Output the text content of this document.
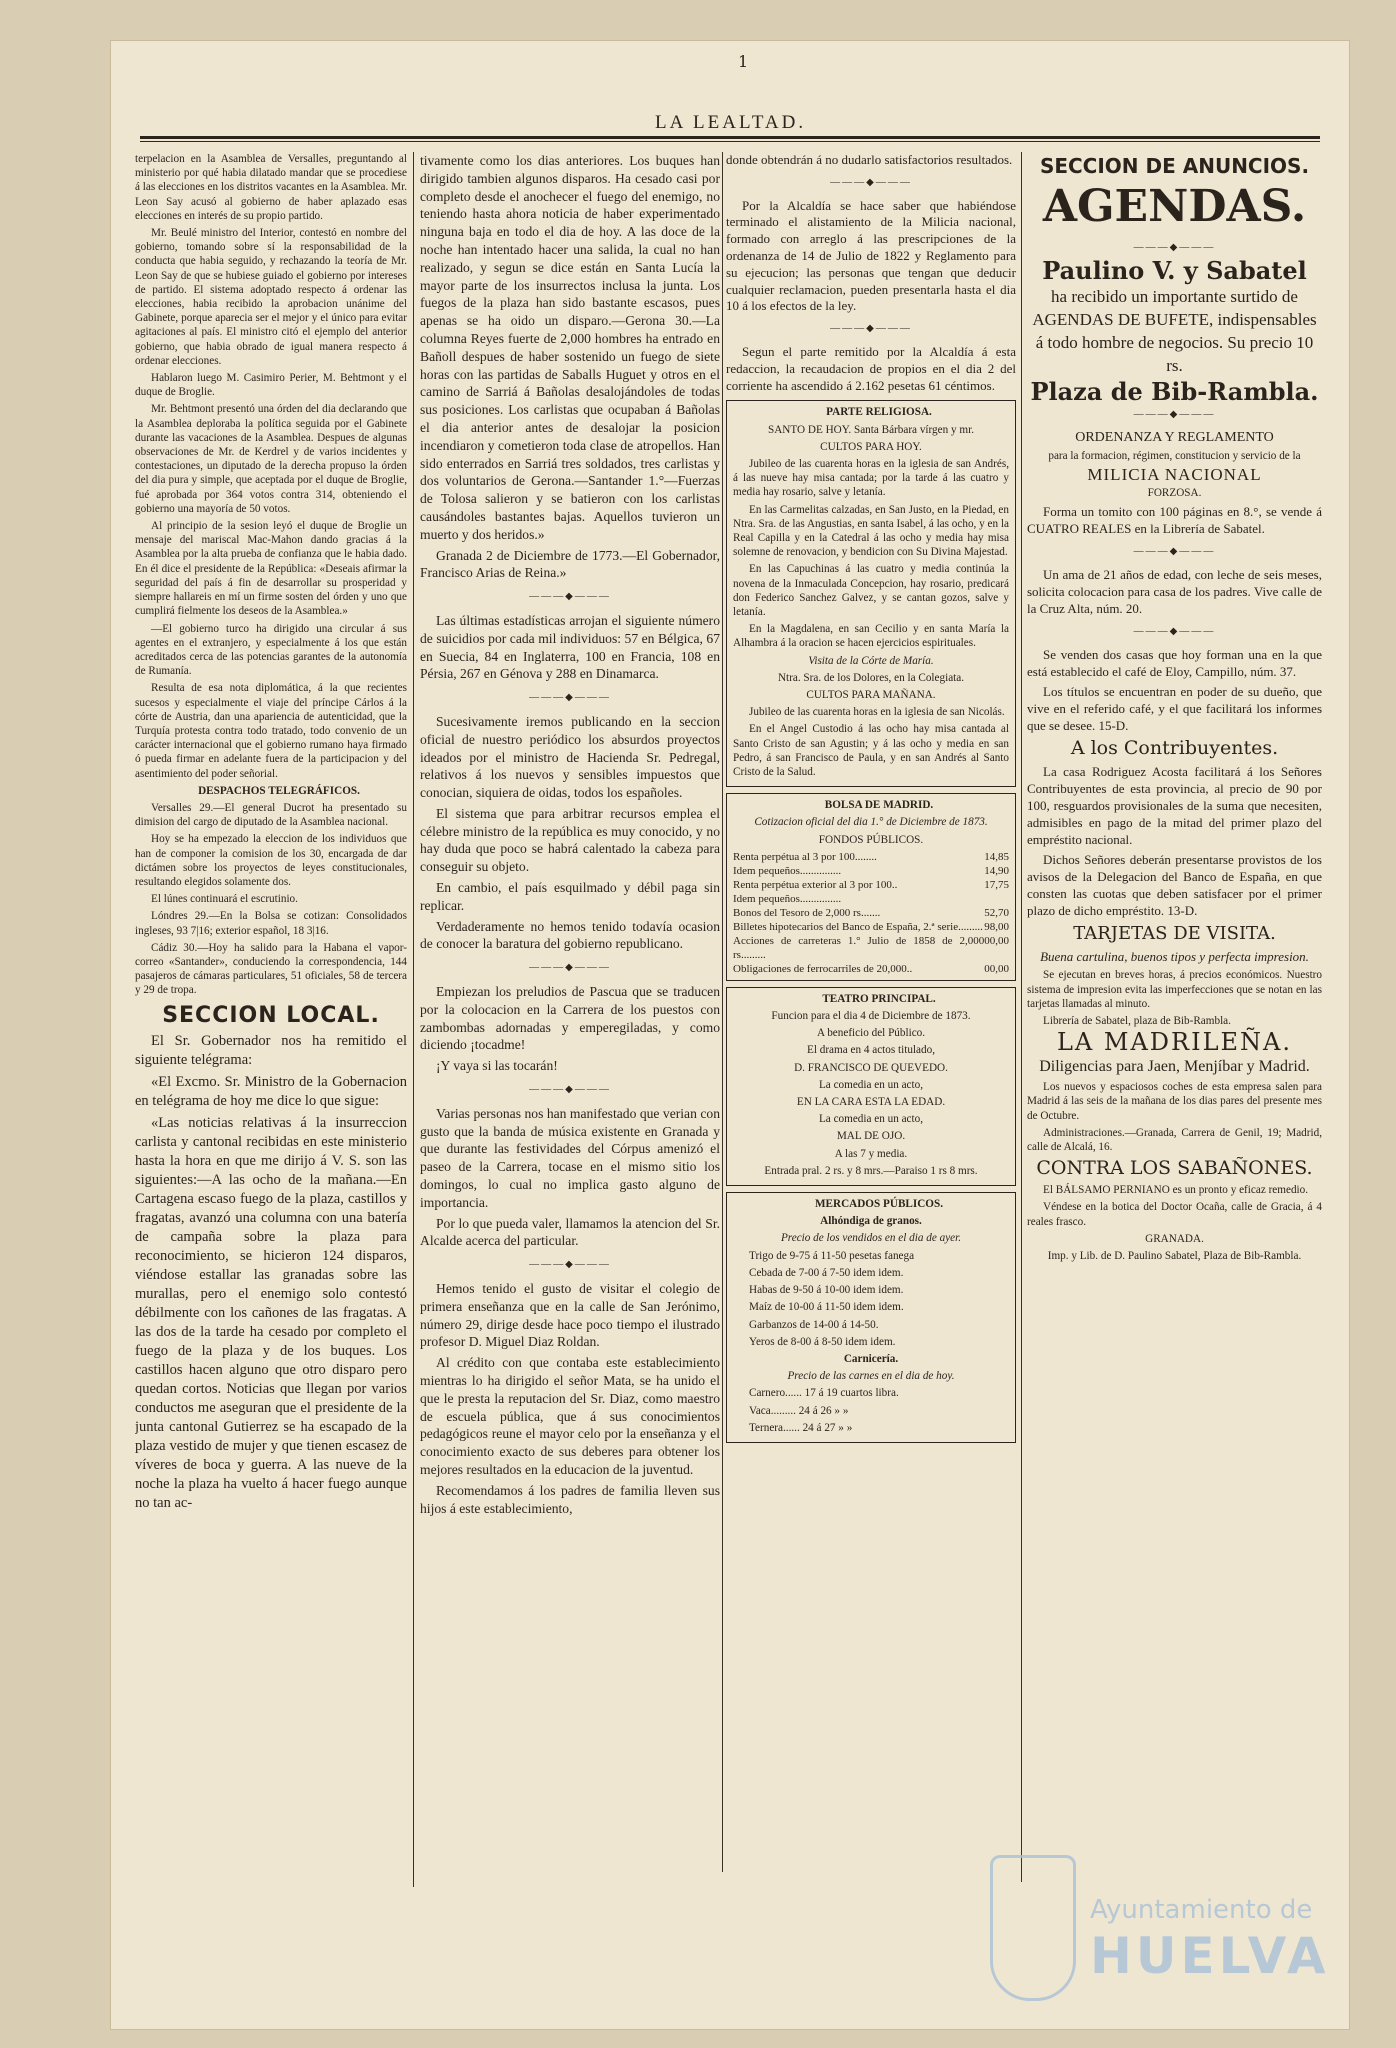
1
LA LEALTAD.

terpelacion en la Asamblea de Versalles, preguntando al ministerio por qué habia dilatado mandar que se procediese á las elecciones en los distritos vacantes en la Asamblea. Mr. Leon Say acusó al gobierno de haber aplazado esas elecciones en interés de su propio partido.

Mr. Beulé ministro del Interior, contestó en nombre del gobierno, tomando sobre sí la responsabilidad de la conducta que habia seguido, y rechazando la teoría de Mr. Leon Say de que se hubiese guiado el gobierno por intereses de partido. El sistema adoptado respecto á ordenar las elecciones, habia recibido la aprobacion unánime del Gabinete, porque aparecia ser el mejor y el único para evitar agitaciones al país. El ministro citó el ejemplo del anterior gobierno, que habia obrado de igual manera respecto á ordenar elecciones.

Hablaron luego M. Casimiro Perier, M. Behtmont y el duque de Broglie.

Mr. Behtmont presentó una órden del dia declarando que la Asamblea deploraba la política seguida por el Gabinete durante las vacaciones de la Asamblea. Despues de algunas observaciones de Mr. de Kerdrel y de varios incidentes y contestaciones, un diputado de la derecha propuso la órden del dia pura y simple, que aceptada por el duque de Broglie, fué aprobada por 364 votos contra 314, obteniendo el gobierno una mayoría de 50 votos.

Al principio de la sesion leyó el duque de Broglie un mensaje del mariscal Mac-Mahon dando gracias á la Asamblea por la alta prueba de confianza que le habia dado. En él dice el presidente de la República: «Deseais afirmar la seguridad del país á fin de desarrollar su prosperidad y siempre hallareis en mí un firme sosten del órden y uno que cumplirá fielmente los deseos de la Asamblea.»

—El gobierno turco ha dirigido una circular á sus agentes en el extranjero, y especialmente á los que están acreditados cerca de las potencias garantes de la autonomía de Rumanía.

Resulta de esa nota diplomática, á la que recientes sucesos y especialmente el viaje del príncipe Cárlos á la córte de Austria, dan una apariencia de autenticidad, que la Turquía protesta contra todo tratado, todo convenio de un carácter internacional que el gobierno rumano haya firmado ó pueda firmar en adelante fuera de la participacion y del asentimiento del poder señorial.

DESPACHOS TELEGRÁFICOS.

Versalles 29.—El general Ducrot ha presentado su dimision del cargo de diputado de la Asamblea nacional.

Hoy se ha empezado la eleccion de los individuos que han de componer la comision de los 30, encargada de dar dictámen sobre los proyectos de leyes constitucionales, resultando elegidos solamente dos.

El lúnes continuará el escrutinio.

Lóndres 29.—En la Bolsa se cotizan: Consolidados ingleses, 93 7|16; exterior español, 18 3|16.

Cádiz 30.—Hoy ha salido para la Habana el vapor-correo «Santander», conduciendo la correspondencia, 144 pasajeros de cámaras particulares, 51 oficiales, 58 de tercera y 29 de tropa.

SECCION LOCAL.

El Sr. Gobernador nos ha remitido el siguiente telégrama:

«El Excmo. Sr. Ministro de la Gobernacion en telégrama de hoy me dice lo que sigue:

«Las noticias relativas á la insurreccion carlista y cantonal recibidas en este ministerio hasta la hora en que me dirijo á V. S. son las siguientes:—A las ocho de la mañana.—En Cartagena escaso fuego de la plaza, castillos y fragatas, avanzó una columna con una batería de campaña sobre la plaza para reconocimiento, se hicieron 124 disparos, viéndose estallar las granadas sobre las murallas, pero el enemigo solo contestó débilmente con los cañones de las fragatas. A las dos de la tarde ha cesado por completo el fuego de la plaza y de los buques. Los castillos hacen alguno que otro disparo pero quedan cortos. Noticias que llegan por varios conductos me aseguran que el presidente de la junta cantonal Gutierrez se ha escapado de la plaza vestido de mujer y que tienen escasez de víveres de boca y guerra. A las nueve de la noche la plaza ha vuelto á hacer fuego aunque no tan ac-

tivamente como los dias anteriores. Los buques han dirigido tambien algunos disparos. Ha cesado casi por completo desde el anochecer el fuego del enemigo, no teniendo hasta ahora noticia de haber experimentado ninguna baja en todo el dia de hoy. A las doce de la noche han intentado hacer una salida, la cual no han realizado, y segun se dice están en Santa Lucía la mayor parte de los insurrectos inclusa la junta. Los fuegos de la plaza han sido bastante escasos, pues apenas se ha oido un disparo.—Gerona 30.—La columna Reyes fuerte de 2,000 hombres ha entrado en Bañoll despues de haber sostenido un fuego de siete horas con las partidas de Saballs Huguet y otros en el camino de Sarriá á Bañolas desalojándoles de todas sus posiciones. Los carlistas que ocupaban á Bañolas el dia anterior antes de desalojar la posicion incendiaron y cometieron toda clase de atropellos. Han sido enterrados en Sarriá tres soldados, tres carlistas y dos voluntarios de Gerona.—Santander 1.°—Fuerzas de Tolosa salieron y se batieron con los carlistas causándoles bastantes bajas. Aquellos tuvieron un muerto y dos heridos.»

Granada 2 de Diciembre de 1773.—El Gobernador, Francisco Arias de Reina.»

———◆———

Las últimas estadísticas arrojan el siguiente número de suicidios por cada mil individuos: 57 en Bélgica, 67 en Suecia, 84 en Inglaterra, 100 en Francia, 108 en Pérsia, 267 en Génova y 288 en Dinamarca.

———◆———

Sucesivamente iremos publicando en la seccion oficial de nuestro periódico los absurdos proyectos ideados por el ministro de Hacienda Sr. Pedregal, relativos á los nuevos y sensibles impuestos que conocian, siquiera de oidas, todos los españoles.

El sistema que para arbitrar recursos emplea el célebre ministro de la república es muy conocido, y no hay duda que poco se habrá calentado la cabeza para conseguir su objeto.

En cambio, el país esquilmado y débil paga sin replicar.

Verdaderamente no hemos tenido todavía ocasion de conocer la baratura del gobierno republicano.

———◆———

Empiezan los preludios de Pascua que se traducen por la colocacion en la Carrera de los puestos con zambombas adornadas y emperegiladas, y como diciendo ¡tocadme!

¡Y vaya si las tocarán!

———◆———

Varias personas nos han manifestado que verian con gusto que la banda de música existente en Granada y que durante las festividades del Córpus amenizó el paseo de la Carrera, tocase en el mismo sitio los domingos, lo cual no implica gasto alguno de importancia.

Por lo que pueda valer, llamamos la atencion del Sr. Alcalde acerca del particular.

———◆———

Hemos tenido el gusto de visitar el colegio de primera enseñanza que en la calle de San Jerónimo, número 29, dirige desde hace poco tiempo el ilustrado profesor D. Miguel Diaz Roldan.

Al crédito con que contaba este establecimiento mientras lo ha dirigido el señor Mata, se ha unido el que le presta la reputacion del Sr. Diaz, como maestro de escuela pública, que á sus conocimientos pedagógicos reune el mayor celo por la enseñanza y el conocimiento exacto de sus deberes para obtener los mejores resultados en la educacion de la juventud.

Recomendamos á los padres de familia lleven sus hijos á este establecimiento,

donde obtendrán á no dudarlo satisfactorios resultados.

———◆———

Por la Alcaldía se hace saber que habiéndose terminado el alistamiento de la Milicia nacional, formado con arreglo á las prescripciones de la ordenanza de 14 de Julio de 1822 y Reglamento para su ejecucion; las personas que tengan que deducir cualquier reclamacion, pueden presentarla hasta el dia 10 á los efectos de la ley.

———◆———

Segun el parte remitido por la Alcaldía á esta redaccion, la recaudacion de propios en el dia 2 del corriente ha ascendido á 2.162 pesetas 61 céntimos.

PARTE RELIGIOSA.

SANTO DE HOY. Santa Bárbara vírgen y mr.

CULTOS PARA HOY.

Jubileo de las cuarenta horas en la iglesia de san Andrés, á las nueve hay misa cantada; por la tarde á las cuatro y media hay rosario, salve y letanía.

En las Carmelitas calzadas, en San Justo, en la Piedad, en Ntra. Sra. de las Angustias, en santa Isabel, á las ocho, y en la Real Capilla y en la Catedral á las ocho y media hay misa solemne de renovacion, y bendicion con Su Divina Majestad.

En las Capuchinas á las cuatro y media continúa la novena de la Inmaculada Concepcion, hay rosario, predicará don Federico Sanchez Galvez, y se cantan gozos, salve y letanía.

En la Magdalena, en san Cecilio y en santa María la Alhambra á la oracion se hacen ejercicios espirituales.

Visita de la Córte de María.

Ntra. Sra. de los Dolores, en la Colegiata.

CULTOS PARA MAÑANA.

Jubileo de las cuarenta horas en la iglesia de san Nicolás.

En el Angel Custodio á las ocho hay misa cantada al Santo Cristo de san Agustin; y á las ocho y media en san Pedro, á san Francisco de Paula, y en san Andrés al Santo Cristo de la Salud.

BOLSA DE MADRID.

Cotizacion oficial del dia 1.° de Diciembre de 1873.

FONDOS PÚBLICOS.

Renta perpétua al 3 por 100........	14,85
Idem pequeños...............	14,90
Renta perpétua exterior al 3 por 100..	17,75
Idem pequeños...............
Bonos del Tesoro de 2,000 rs.......	52,70
Billetes hipotecarios del Banco de España, 2.ª serie......... 98,00
Acciones de carreteras 1.° Julio de 1858 de 2,000 rs.........
00,00
Obligaciones de ferrocarriles de 20,000..	00,00

TEATRO PRINCIPAL.

Funcion para el dia 4 de Diciembre de 1873.

A beneficio del Público.

El drama en 4 actos titulado,

D. FRANCISCO DE QUEVEDO.

La comedia en un acto,

EN LA CARA ESTA LA EDAD.

La comedia en un acto,

MAL DE OJO.

A las 7 y media.

Entrada pral. 2 rs. y 8 mrs.—Paraiso 1 rs 8 mrs.

MERCADOS PÚBLICOS.

Alhóndiga de granos.

Precio de los vendidos en el dia de ayer.

Trigo de 9-75 á 11-50 pesetas fanega

Cebada de 7-00 á 7-50 idem idem.

Habas de 9-50 á 10-00 idem idem.

Maíz de 10-00 á 11-50 idem idem.

Garbanzos de 14-00 á 14-50.

Yeros de 8-00 á 8-50 idem idem.

Carnicería.

Precio de las carnes en el dia de hoy.

Carnero...... 17 á 19 cuartos libra.

Vaca......... 24 á 26 » »

Ternera...... 24 á 27 » »

SECCION DE ANUNCIOS.
AGENDAS.
———◆———
Paulino V. y Sabatel

ha recibido un importante surtido de AGENDAS DE BUFETE, indispensables á todo hombre de negocios. Su precio 10 rs.

Plaza de Bib-Rambla.
———◆———

ORDENANZA Y REGLAMENTO

para la formacion, régimen, constitucion y servicio de la

MILICIA NACIONAL

FORZOSA.

Forma un tomito con 100 páginas en 8.°, se vende á CUATRO REALES en la Librería de Sabatel.

———◆———

Un ama de 21 años de edad, con leche de seis meses, solicita colocacion para casa de los padres. Vive calle de la Cruz Alta, núm. 20.

———◆———

Se venden dos casas que hoy forman una en la que está establecido el café de Eloy, Campillo, núm. 37.

Los títulos se encuentran en poder de su dueño, que vive en el referido café, y el que facilitará los informes que se desee. 15-D.

A los Contribuyentes.

La casa Rodriguez Acosta facilitará á los Señores Contribuyentes de esta provincia, al precio de 90 por 100, resguardos provisionales de la suma que necesiten, admisibles en pago de la mitad del primer plazo del empréstito nacional.

Dichos Señores deberán presentarse provistos de los avisos de la Delegacion del Banco de España, en que consten las cuotas que deben satisfacer por el primer plazo de dicho empréstito. 13-D.

TARJETAS DE VISITA.

Buena cartulina, buenos tipos y perfecta impresion.

Se ejecutan en breves horas, á precios económicos. Nuestro sistema de impresion evita las imperfecciones que se notan en las tarjetas llamadas al minuto.

Librería de Sabatel, plaza de Bib-Rambla.

LA MADRILEÑA.

Diligencias para Jaen, Menjíbar y Madrid.

Los nuevos y espaciosos coches de esta empresa salen para Madrid á las seis de la mañana de los dias pares del presente mes de Octubre.

Administraciones.—Granada, Carrera de Genil, 19; Madrid, calle de Alcalá, 16.

CONTRA LOS SABAÑONES.

El BÁLSAMO PERNIANO es un pronto y eficaz remedio.

Véndese en la botica del Doctor Ocaña, calle de Gracia, á 4 reales frasco.

GRANADA.

Imp. y Lib. de D. Paulino Sabatel, Plaza de Bib-Rambla.

Ayuntamiento de
HUELVA
